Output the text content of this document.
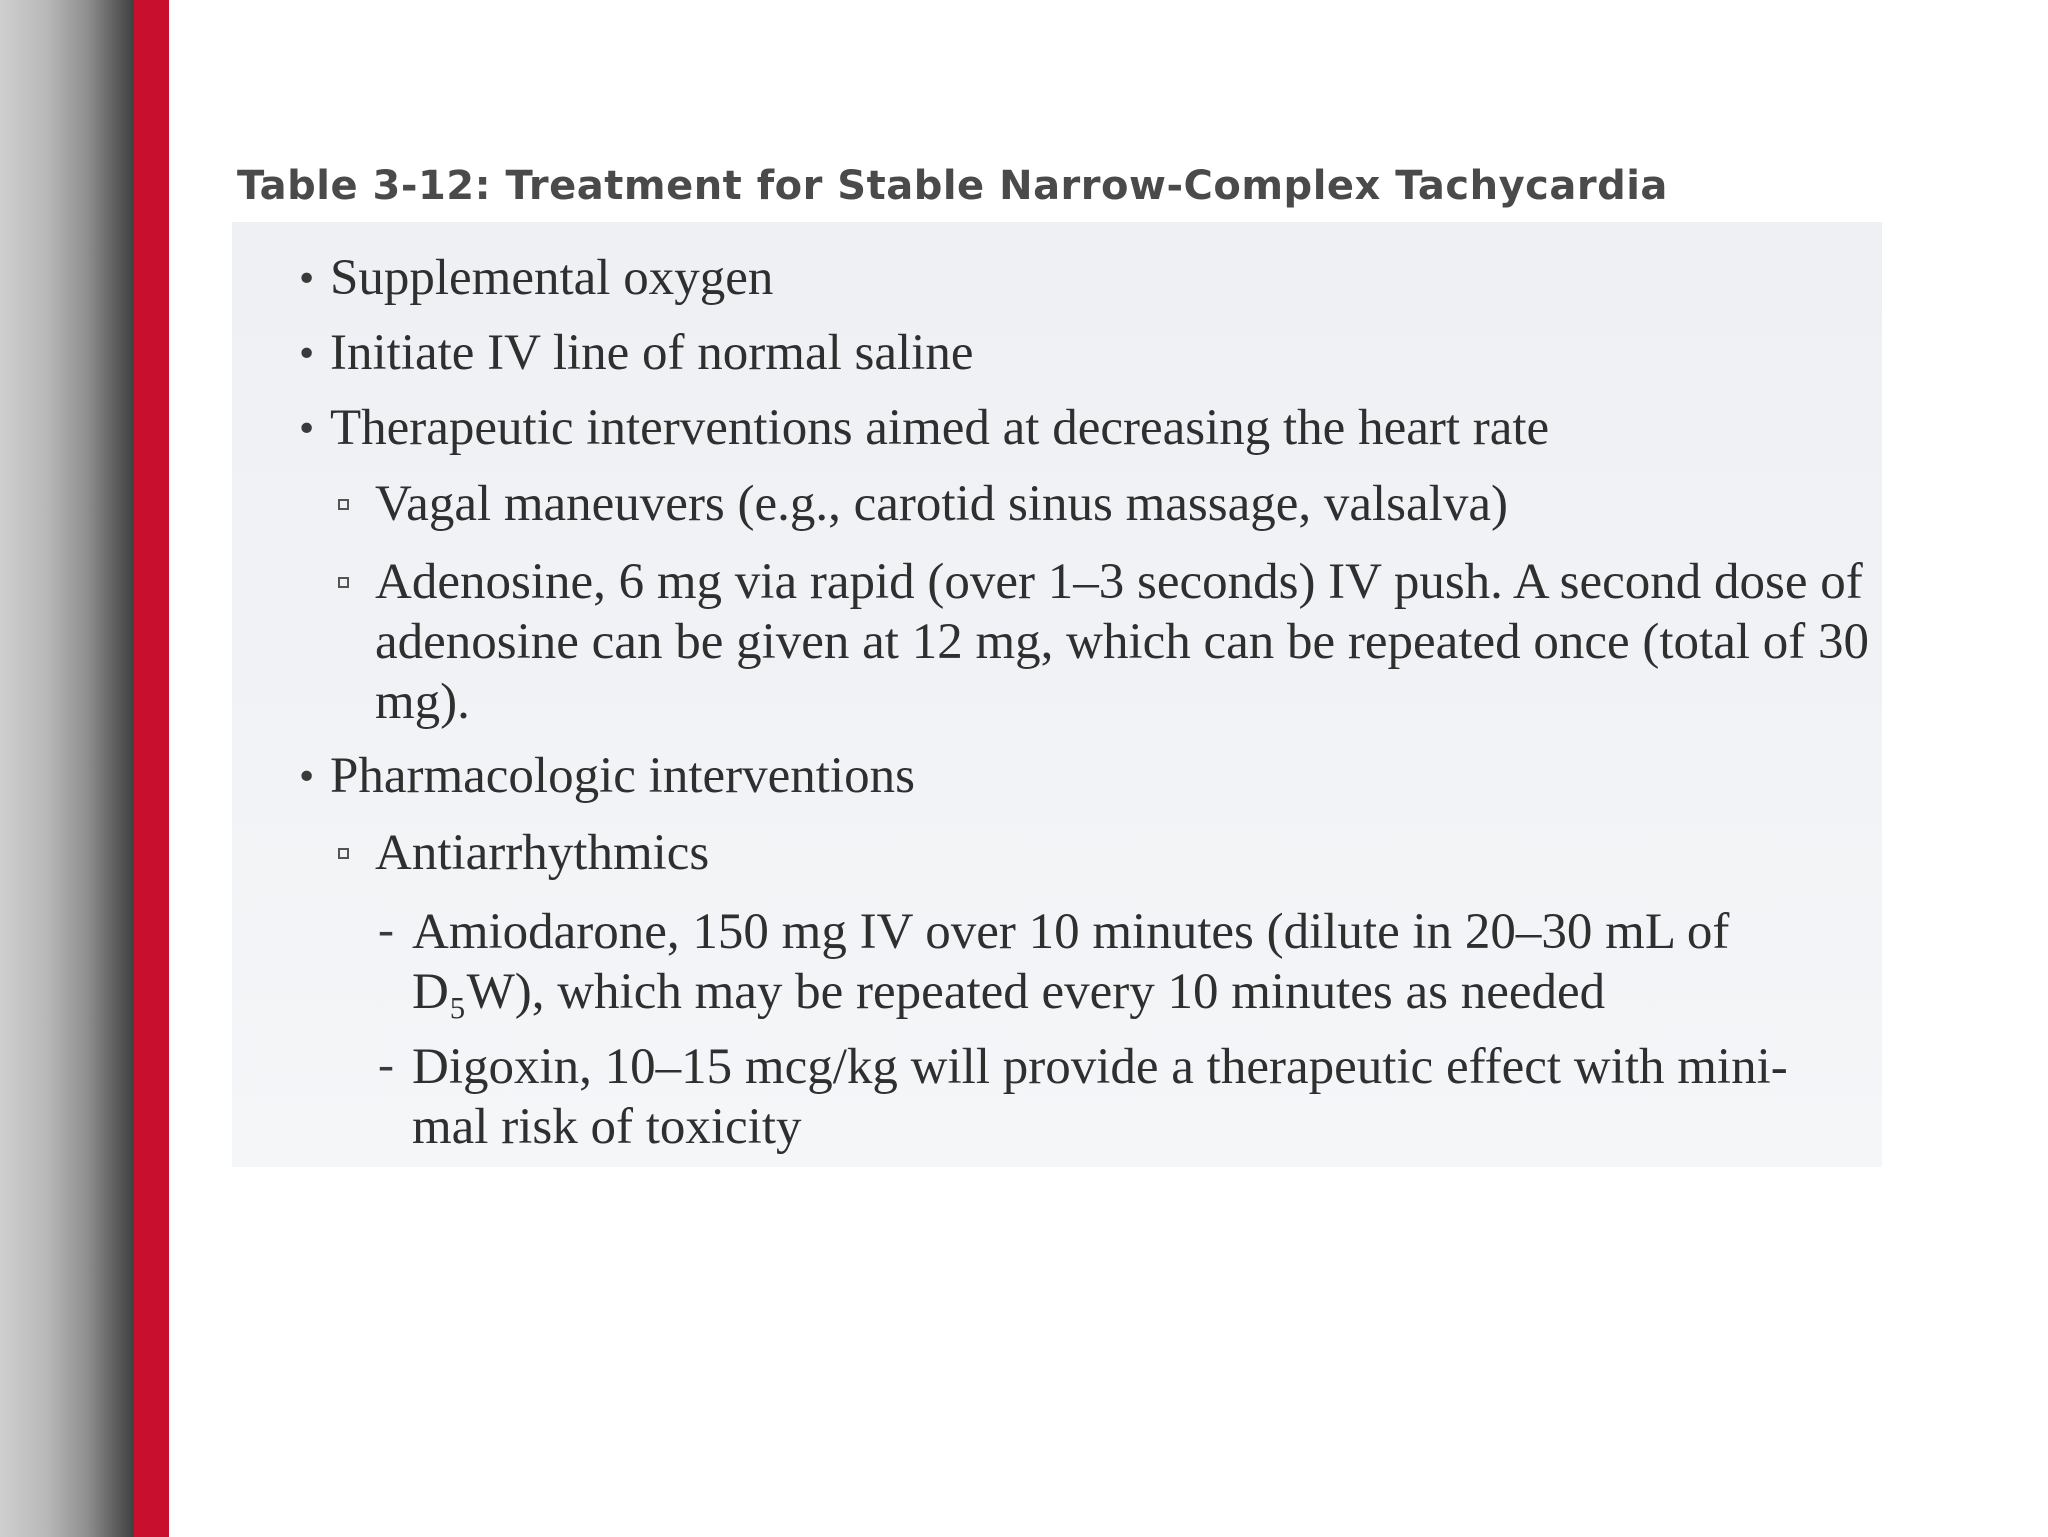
Table 3-12: Treatment for Stable Narrow-Complex Tachycardia
• Supplemental oxygen
• Initiate IV line of normal saline
• Therapeutic interventions aimed at decreasing the heart rate
Vagal maneuvers (e.g., carotid sinus massage, valsalva)
Adenosine, 6 mg via rapid (over 1–3 seconds) IV push. A second dose of adenosine can be given at 12 mg, which can be repeated once (total of 30 mg).
• Pharmacologic interventions
Antiarrhythmics
- Amiodarone, 150 mg IV over 10 minutes (dilute in 20–30 mL of D₅W), which may be repeated every 10 minutes as needed
- Digoxin, 10–15 mcg/kg will provide a therapeutic effect with mini- mal risk of toxicity
